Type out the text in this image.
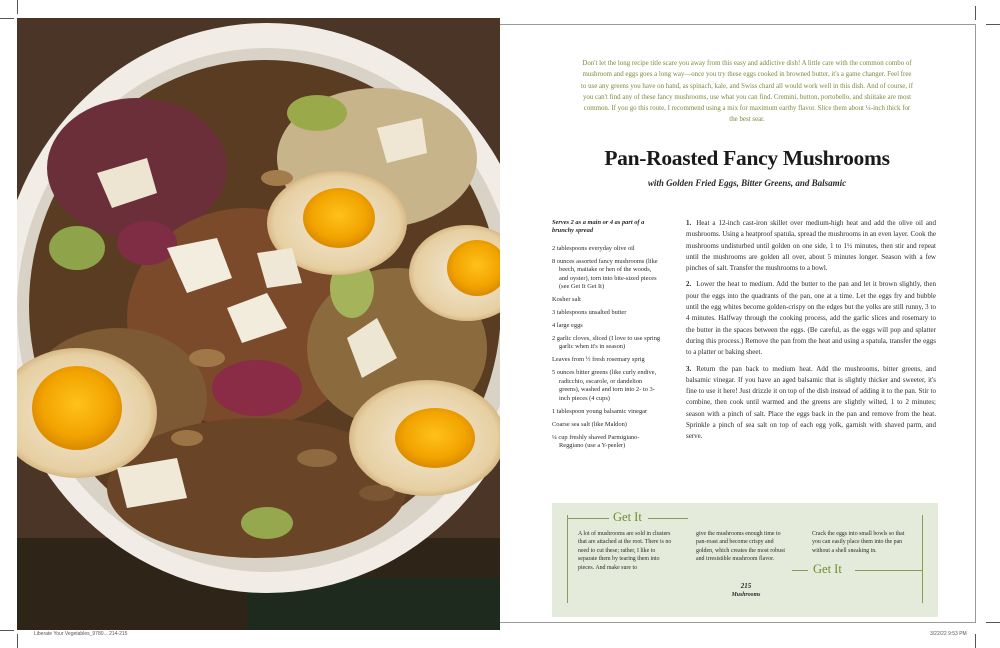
Don't let the long recipe title scare you away from this easy and addictive dish! A little care with the common combo of mushroom and eggs goes a long way—once you try these eggs cooked in browned butter, it's a game changer. Feel free to use any greens you have on hand, as spinach, kale, and Swiss chard all would work well in this dish. And of course, if you can't find any of these fancy mushrooms, use what you can find. Cremini, button, portobello, and shiitake are most common. If you go this route, I recommend using a mix for maximum earthy flavor. Slice them about ¼-inch thick for the best sear.

Pan-Roasted Fancy Mushrooms

with Golden Fried Eggs, Bitter Greens, and Balsamic

Serves 2 as a main or 4 as part of a brunchy spread

2 tablespoons everyday olive oil

8 ounces assorted fancy mushrooms (like beech, maitake or hen of the woods, and oyster), torn into bite-sized pieces (see Get It Get It)

Kosher salt

3 tablespoons unsalted butter

4 large eggs

2 garlic cloves, sliced (I love to use spring garlic when it's in season)

Leaves from ½ fresh rosemary sprig

5 ounces bitter greens (like curly endive, radicchio, escarole, or dandelion greens), washed and torn into 2- to 3-inch pieces (4 cups)

1 tablespoon young balsamic vinegar

Coarse sea salt (like Maldon)

¼ cup freshly shaved Parmigiano-Reggiano (use a Y-peeler)

1. Heat a 12-inch cast-iron skillet over medium-high heat and add the olive oil and mushrooms. Using a heatproof spatula, spread the mushrooms in an even layer. Cook the mushrooms undisturbed until golden on one side, 1 to 1½ minutes, then stir and repeat until the mushrooms are golden all over, about 5 minutes longer. Season with a few pinches of salt. Transfer the mushrooms to a bowl.

2. Lower the heat to medium. Add the butter to the pan and let it brown slightly, then pour the eggs into the quadrants of the pan, one at a time. Let the eggs fry and bubble until the egg whites become golden-crispy on the edges but the yolks are still runny, 3 to 4 minutes. Halfway through the cooking process, add the garlic slices and rosemary to the butter in the spaces between the eggs. (Be careful, as the eggs will pop and splatter during this process.) Remove the pan from the heat and using a spatula, transfer the eggs to a platter or baking sheet.

3. Return the pan back to medium heat. Add the mushrooms, bitter greens, and balsamic vinegar. If you have an aged balsamic that is slightly thicker and sweeter, it's fine to use it here! Just drizzle it on top of the dish instead of adding it to the pan. Stir to combine, then cook until warmed and the greens are slightly wilted, 1 to 2 minutes; season with a pinch of salt. Place the eggs back in the pan and remove from the heat. Sprinkle a pinch of sea salt on top of each egg yolk, garnish with shaved parm, and serve.

Get It
Get It

A lot of mushrooms are sold in clusters that are attached at the root. There is no need to cut these; rather, I like to separate them by tearing them into pieces. And make sure to

give the mushrooms enough time to pan-roast and become crispy and golden, which creates the most robust and irresistible mushroom flavor.

Crack the eggs into small bowls so that you can easily place them into the pan without a shell sneaking in.

215
Mushrooms
Liberate Your Vegetables_9780... 214-215	3/22/22 9:53 PM
